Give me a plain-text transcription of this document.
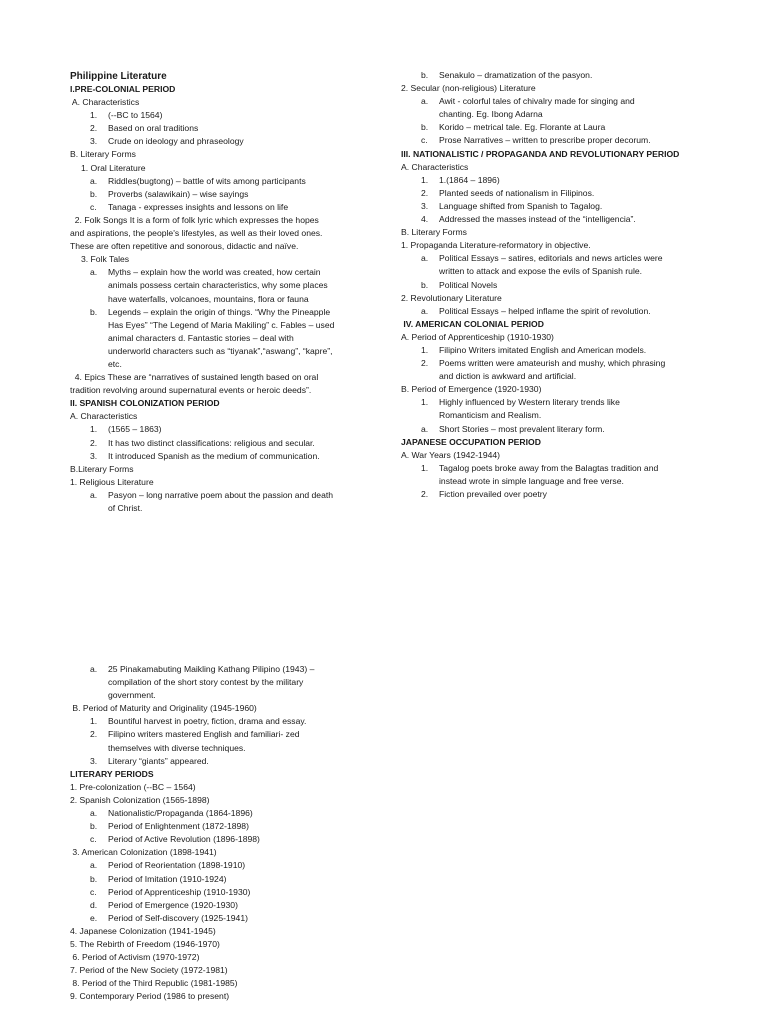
Philippine Literature
I.PRE-COLONIAL PERIOD
A. Characteristics
1. (--BC to 1564)
2. Based on oral traditions
3. Crude on ideology and phraseology
B. Literary Forms
1. Oral Literature
a. Riddles(bugtong) – battle of wits among participants
b. Proverbs (salawikain) – wise sayings
c. Tanaga - expresses insights and lessons on life
2. Folk Songs It is a form of folk lyric which expresses the hopes
and aspirations, the people's lifestyles, as well as their loved ones.
These are often repetitive and sonorous, didactic and naïve.
3. Folk Tales
a. Myths – explain how the world was created, how certain
animals possess certain characteristics, why some places
have waterfalls, volcanoes, mountains, flora or fauna
b. Legends – explain the origin of things. “Why the Pineapple
Has Eyes” “The Legend of Maria Makiling” c. Fables – used
animal characters d. Fantastic stories – deal with
underworld characters such as “tiyanak”,“aswang”, “kapre”,
etc.
4. Epics These are “narratives of sustained length based on oral
tradition revolving around supernatural events or heroic deeds”.
II. SPANISH COLONIZATION PERIOD
A. Characteristics
1. (1565 – 1863)
2. It has two distinct classifications: religious and secular.
3. It introduced Spanish as the medium of communication.
B.Literary Forms
1. Religious Literature
a. Pasyon – long narrative poem about the passion and death
of Christ.
b. Senakulo – dramatization of the pasyon.
2. Secular (non-religious) Literature
a. Awit - colorful tales of chivalry made for singing and
chanting. Eg. Ibong Adarna
b. Korido – metrical tale. Eg. Florante at Laura
c. Prose Narratives – written to prescribe proper decorum.
III. NATIONALISTIC / PROPAGANDA AND REVOLUTIONARY PERIOD
A. Characteristics
1. 1.(1864 – 1896)
2. Planted seeds of nationalism in Filipinos.
3. Language shifted from Spanish to Tagalog.
4. Addressed the masses instead of the “intelligencia”.
B. Literary Forms
1. Propaganda Literature-reformatory in objective.
a. Political Essays – satires, editorials and news articles were
written to attack and expose the evils of Spanish rule.
b. Political Novels
2. Revolutionary Literature
a. Political Essays – helped inflame the spirit of revolution.
IV. AMERICAN COLONIAL PERIOD
A. Period of Apprenticeship (1910-1930)
1. Filipino Writers imitated English and American models.
2. Poems written were amateurish and mushy, which phrasing
and diction is awkward and artificial.
B. Period of Emergence (1920-1930)
1. Highly influenced by Western literary trends like
Romanticism and Realism.
a. Short Stories – most prevalent literary form.
JAPANESE OCCUPATION PERIOD
A. War Years (1942-1944)
1. Tagalog poets broke away from the Balagtas tradition and
instead wrote in simple language and free verse.
2. Fiction prevailed over poetry
a. 25 Pinakamabuting Maikling Kathang Pilipino (1943) –
compilation of the short story contest by the military
government.
B. Period of Maturity and Originality (1945-1960)
1. Bountiful harvest in poetry, fiction, drama and essay.
2. Filipino writers mastered English and familiari- zed
themselves with diverse techniques.
3. Literary “giants” appeared.
LITERARY PERIODS
1. Pre-colonization (--BC – 1564)
2. Spanish Colonization (1565-1898)
a. Nationalistic/Propaganda (1864-1896)
b. Period of Enlightenment (1872-1898)
c. Period of Active Revolution (1896-1898)
3. American Colonization (1898-1941)
a. Period of Reorientation (1898-1910)
b. Period of Imitation (1910-1924)
c. Period of Apprenticeship (1910-1930)
d. Period of Emergence (1920-1930)
e. Period of Self-discovery (1925-1941)
4. Japanese Colonization (1941-1945)
5. The Rebirth of Freedom (1946-1970)
6. Period of Activism (1970-1972)
7. Period of the New Society (1972-1981)
8. Period of the Third Republic (1981-1985)
9. Contemporary Period (1986 to present)
